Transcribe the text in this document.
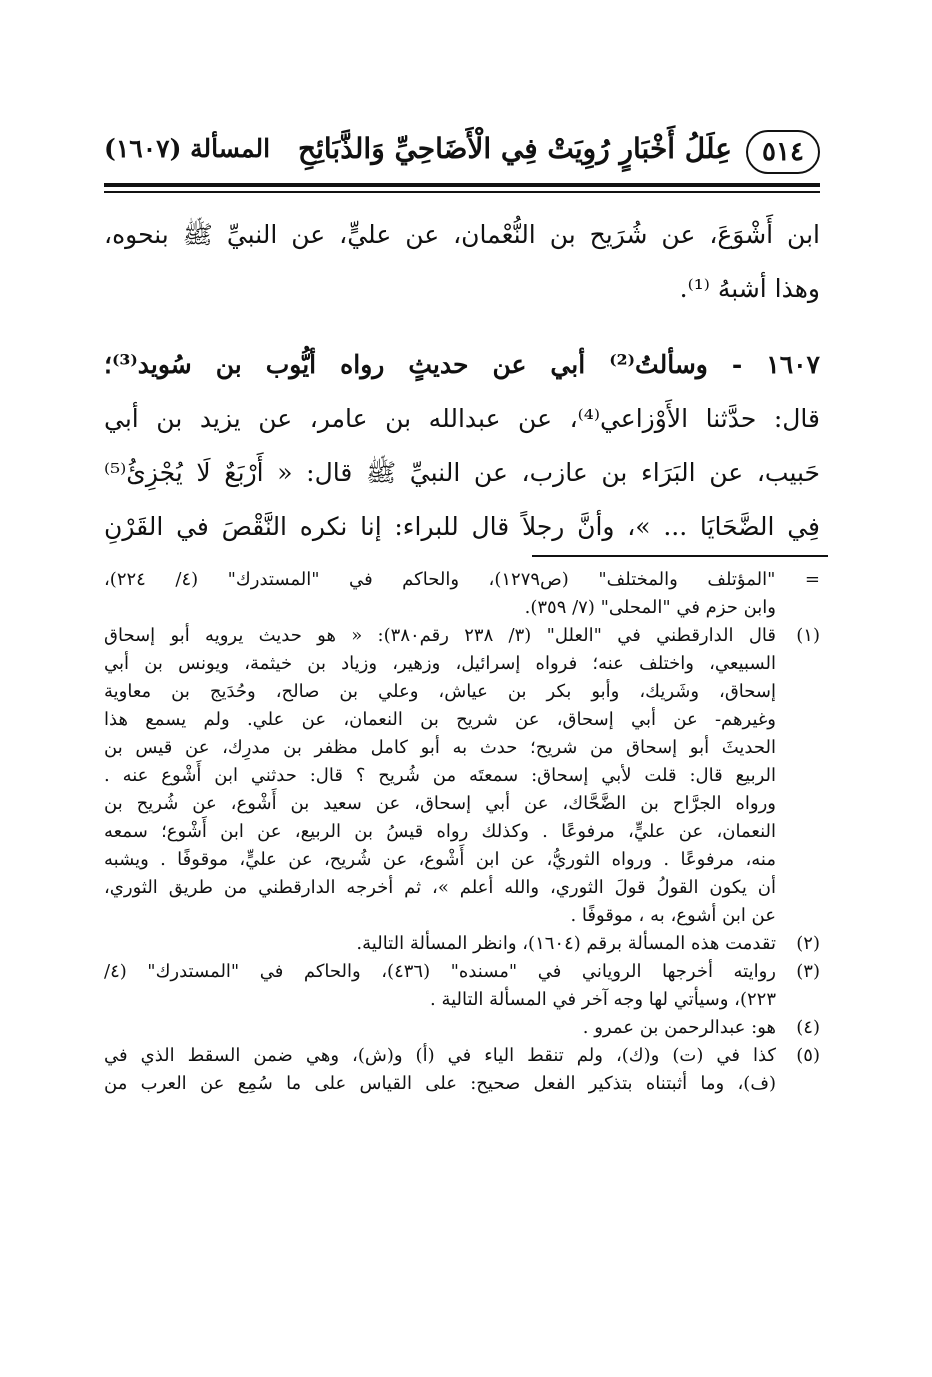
٥١٤
عِلَلُ أَخْبَارٍ رُوِيَتْ فِي الْأَضَاحِيِّ وَالذَّبَائِحِ
المسألة (١٦٠٧)
ابن أَشْوَعَ، عن شُرَيح بن النُّعْمان، عن عليٍّ، عن النبيِّ ﷺ بنحوه،
وهذا أشبهُ ⁽¹⁾.
١٦٠٧ - وسألتُ⁽²⁾ أبي عن حديثٍ رواه أيُّوب بن سُويد⁽³⁾؛
قال: حدَّثنا الأَوْزاعي⁽⁴⁾، عن عبدالله بن عامر، عن يزيد بن أبي
حَبيب، عن البَرَاء بن عازب، عن النبيِّ ﷺ قال: « أَرْبَعٌ لَا يُجْزِئُ⁽⁵⁾
فِي الضَّحَايَا ... »، وأنَّ رجلاً قال للبراء: إنا نكره النَّقْصَ في القَرْنِ
= "المؤتلف والمختلف" (ص١٢٧٩)، والحاكم في "المستدرك" (٤/ ٢٢٤)،
وابن حزم في "المحلى" (٧/ ٣٥٩).
(١)
قال الدارقطني في "العلل" (٣/ ٢٣٨ رقم٣٨٠): « هو حديث يرويه أبو إسحاق
السبيعي، واختلف عنه؛ فرواه إسرائيل، وزهير، وزياد بن خيثمة، ويونس بن أبي
إسحاق، وشَريك، وأبو بكر بن عياش، وعلي بن صالح، وحُدَيج بن معاوية
وغيرهم- عن أبي إسحاق، عن شريح بن النعمان، عن علي. ولم يسمع هذا
الحديثَ أبو إسحاق من شريح؛ حدث به أبو كامل مظفر بن مدرِك، عن قيس بن
الربيع قال: قلت لأبي إسحاق: سمعتَه من شُريح ؟ قال: حدثني ابن أَشْوع عنه .
ورواه الجرَّاح بن الضَّحَّاك، عن أبي إسحاق، عن سعيد بن أَشْوع، عن شُريح بن
النعمان، عن عليٍّ، مرفوعًا . وكذلك رواه قيسُ بن الربيع، عن ابن أَشْوع؛ سمعه
منه، مرفوعًا . ورواه الثوريُّ، عن ابن أَشْوع، عن شُريح، عن عليٍّ، موقوفًا . ويشبه
أن يكون القولُ قولَ الثوري، والله أعلم »، ثم أخرجه الدارقطني من طريق الثوري،
عن ابن أشوع، به ، موقوفًا .
(٢)
تقدمت هذه المسألة برقم (١٦٠٤)، وانظر المسألة التالية.
(٣)
روايته أخرجها الروياني في "مسنده" (٤٣٦)، والحاكم في "المستدرك" (٤/
٢٢٣)، وسيأتي لها وجه آخر في المسألة التالية .
(٤)
هو: عبدالرحمن بن عمرو .
(٥)
كذا في (ت) و(ك)، ولم تنقط الياء في (أ) و(ش)، وهي ضمن السقط الذي في
(ف)، وما أثبتناه بتذكير الفعل صحيح: على القياس على ما سُمِع عن العرب من
